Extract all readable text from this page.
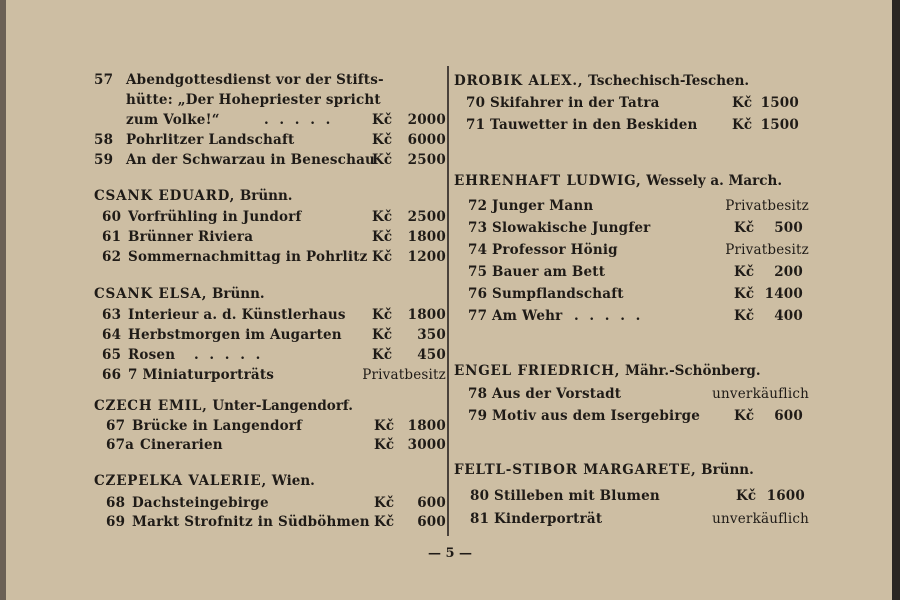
57 Abendgottesdienst vor der Stifts-
hütte: „Der Hohepriester spricht
zum Volke!“	. . . . .	Kč 2000
58 Pohrlitzer Landschaft	Kč 6000
59 An der Schwarzau in Beneschau
Kč 2500
CSANK EDUARD, Brünn.
60 Vorfrühling in Jundorf	Kč 2500
61 Brünner Riviera	Kč 1800
62 Sommernachmittag in Pohrlitz Kč 1200
CSANK ELSA, Brünn.
63 Interieur a. d. Künstlerhaus Kč 1800
64 Herbstmorgen im Augarten Kč 350
65 Rosen . . . . .	Kč 450
66 7 Miniaturporträts	Privatbesitz
CZECH EMIL, Unter-Langendorf.
67 Brücke in Langendorf	Kč 1800
67a Cinerarien	Kč 3000
CZEPELKA VALERIE, Wien.
68 Dachsteingebirge	Kč 600
69 Markt Strofnitz in Südböhmen Kč 600
DROBIK ALEX., Tschechisch-Teschen.
70 Skifahrer in der Tatra	Kč 1500
71 Tauwetter in den Beskiden	Kč 1500
EHRENHAFT LUDWIG, Wessely a. March.
72 Junger Mann	Privatbesitz
73 Slowakische Jungfer	Kč 500
74 Professor Hönig	Privatbesitz
75 Bauer am Bett	Kč 200
76 Sumpflandschaft	Kč 1400
77 Am Wehr . . . . .	Kč 400
ENGEL FRIEDRICH, Mähr.-Schönberg.
78 Aus der Vorstadt	unverkäuflich
79 Motiv aus dem Isergebirge	Kč 600
FELTL-STIBOR MARGARETE, Brünn.
80 Stilleben mit Blumen	Kč 1600
81 Kinderporträt	unverkäuflich
— 5 —
